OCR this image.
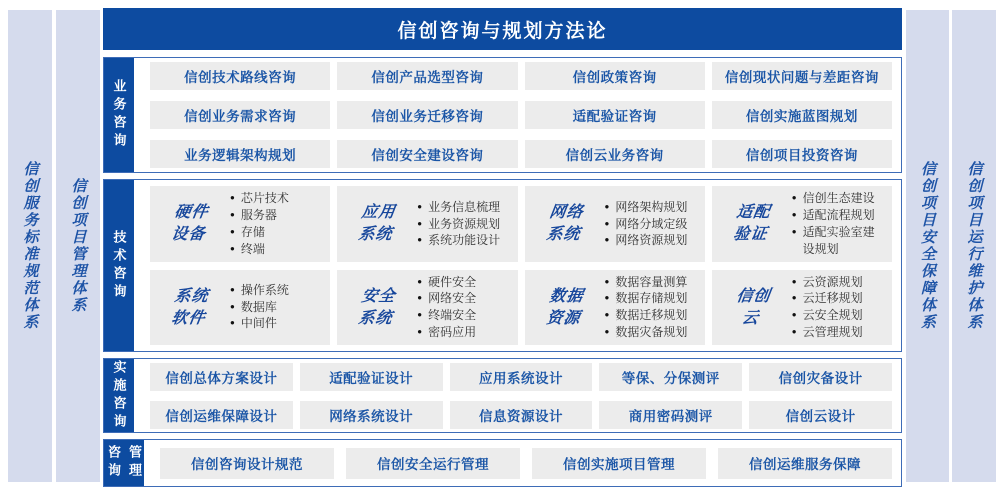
信创服务标准规范体系 信创项目管理体系
信创咨询与规划方法论
业务咨询
信创技术路线咨询	信创产品选型咨询	信创政策咨询	信创现状问题与差距咨询
信创业务需求咨询	信创业务迁移咨询	适配验证咨询	信创实施蓝图规划
业务逻辑架构规划	信创安全建设咨询	信创云业务咨询	信创项目投资咨询
技术咨询
硬件
设备
● 芯片技术
● 服务器
● 存储
● 终端
应用
系统
● 业务信息梳理
● 业务资源规划
● 系统功能设计
网络
系统
● 网络架构规划
● 网络分域定级
● 网络资源规划
适配
验证
● 信创生态建设
● 适配流程规划
● 适配实验室建设规划
系统
软件
● 操作系统
● 数据库
● 中间件
安全
系统
● 硬件安全
● 网络安全
● 终端安全
● 密码应用
数据
资源
● 数据容量测算
● 数据存储规划
● 数据迁移规划
● 数据灾备规划
信创
云
● 云资源规划
● 云迁移规划
● 云安全规划
● 云管理规划
实施咨询	信创总体方案设计	适配验证设计	应用系统设计	等保、分保测评	信创灾备设计
信创运维保障设计	网络系统设计	信息资源设计	商用密码测评	信创云设计
咨询 管理	信创咨询设计规范	信创安全运行管理	信创实施项目管理	信创运维服务保障
信创项目安全保障体系 信创项目运行维护体系
